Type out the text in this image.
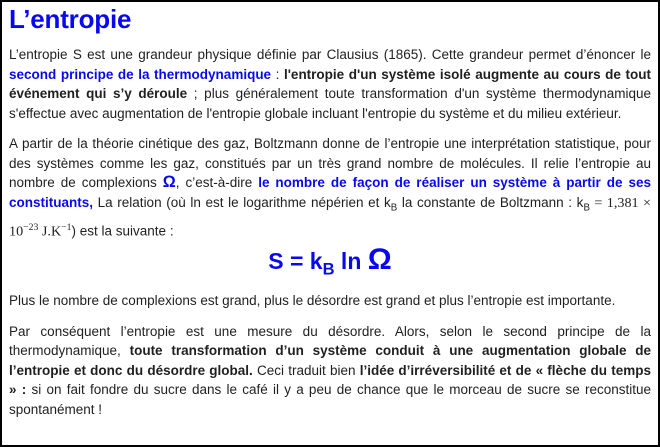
L’entropie

L’entropie S est une grandeur physique définie par Clausius (1865). Cette grandeur permet d’énoncer le second principe de la thermodynamique : l'entropie d'un système isolé augmente au cours de tout événement qui s’y déroule ; plus généralement toute transformation d'un système thermodynamique s'effectue avec augmentation de l'entropie globale incluant l'entropie du système et du milieu extérieur.

A partir de la théorie cinétique des gaz, Boltzmann donne de l’entropie une interprétation statistique, pour des systèmes comme les gaz, constitués par un très grand nombre de molécules. Il relie l’entropie au nombre de complexions Ω, c’est-à-dire le nombre de façon de réaliser un système à partir de ses constituants, La relation (où ln est le logarithme népérien et $k_B$ la constante de Boltzmann : $k_B = 1,381 \times 10^{-23}$ $J.K^{-1}$) est la suivante :

$S = k_B$ ln Ω

Plus le nombre de complexions est grand, plus le désordre est grand et plus l’entropie est importante.

Par conséquent l’entropie est une mesure du désordre. Alors, selon le second principe de la thermodynamique, toute transformation d’un système conduit à une augmentation globale de l’entropie et donc du désordre global. Ceci traduit bien l’idée d’irréversibilité et de « flèche du temps » : si on fait fondre du sucre dans le café il y a peu de chance que le morceau de sucre se reconstitue spontanément !
